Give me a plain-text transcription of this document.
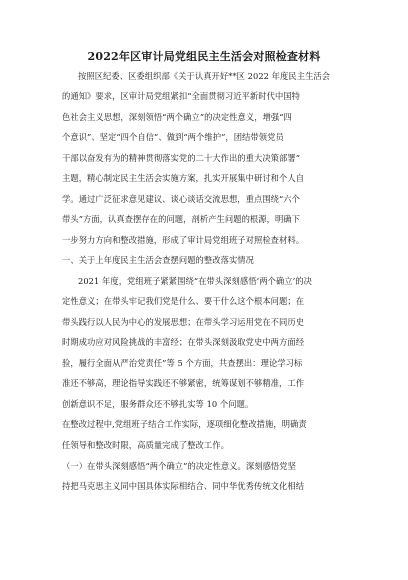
2022年区审计局党组民主生活会对照检查材料
按照区纪委、区委组织部《关于认真开好**区 2022 年度民主生活会
的通知》要求，区审计局党组紧扣“全面贯彻习近平新时代中国特
色社会主义思想，深刻领悟“两个确立”的决定性意义，增强“四
个意识”、坚定“四个自信”、做到“两个维护”，团结带领党员
干部以奋发有为的精神贯彻落实党的二十大作出的重大决策部署”
主题，精心制定民主生活会实施方案，扎实开展集中研讨和个人自
学。通过广泛征求意见建议、谈心谈话交流思想，重点围绕“六个
带头”方面，认真查摆存在的问题，剖析产生问题的根源，明确下
一步努力方向和整改措施，形成了审计局党组班子对照检查材料。
一、关于上年度民主生活会查摆问题的整改落实情况
2021 年度，党组班子紧紧围绕“在带头深刻感悟‘两个确立’的决
定性意义；在带头牢记我们党是什么、要干什么这个根本问题；在
带头践行以人民为中心的发展思想；在带头学习运用党在不同历史
时期成功应对风险挑战的丰富经；在带头深刻汲取党史中两方面经
验，履行全面从严治党责任”等 5 个方面，共查摆出：理论学习标
准还不够高，理论指导实践还不够紧密，统筹谋划不够精准，工作
创新意识不足，服务群众还不够扎实等 10 个问题。
在整改过程中,党组班子结合工作实际，逐项细化整改措施，明确责
任领导和整改时限，高质量完成了整改工作。
（一）在带头深刻感悟“两个确立”的决定性意义。深刻感悟党坚
持把马克思主义同中国具体实际相结合、同中华优秀传统文化相结
